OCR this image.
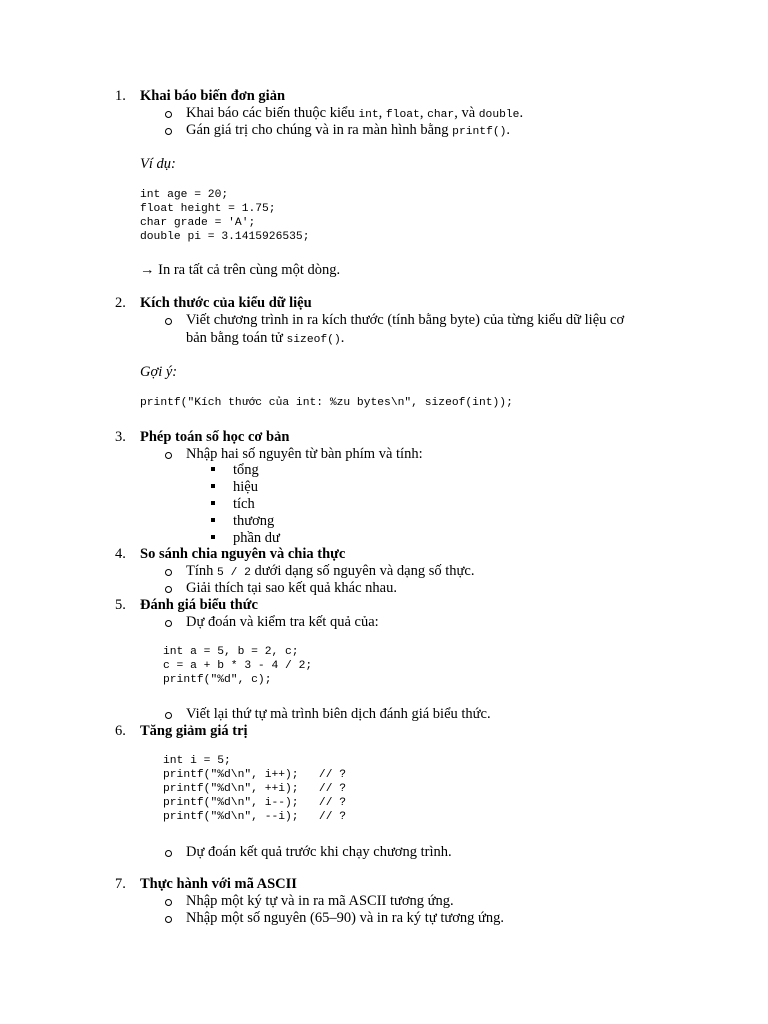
1. Khai báo biến đơn giản
Khai báo các biến thuộc kiểu int, float, char, và double.
Gán giá trị cho chúng và in ra màn hình bằng printf().
Ví dụ:
int age = 20;
float height = 1.75;
char grade = 'A';
double pi = 3.1415926535;
→ In ra tất cả trên cùng một dòng.
2. Kích thước của kiểu dữ liệu
Viết chương trình in ra kích thước (tính bằng byte) của từng kiểu dữ liệu cơ
bản bằng toán tử sizeof().
Gợi ý:
printf("Kích thước của int: %zu bytes\n", sizeof(int));
3. Phép toán số học cơ bản
Nhập hai số nguyên từ bàn phím và tính:
tổng
hiệu
tích
thương
phần dư
4. So sánh chia nguyên và chia thực
Tính 5 / 2 dưới dạng số nguyên và dạng số thực.
Giải thích tại sao kết quả khác nhau.
5. Đánh giá biểu thức
Dự đoán và kiểm tra kết quả của:
int a = 5, b = 2, c;
c = a + b * 3 - 4 / 2;
printf("%d", c);
Viết lại thứ tự mà trình biên dịch đánh giá biểu thức.
6. Tăng giảm giá trị
int i = 5;
printf("%d\n", i++);   // ?
printf("%d\n", ++i);   // ?
printf("%d\n", i--);   // ?
printf("%d\n", --i);   // ?
Dự đoán kết quả trước khi chạy chương trình.
7. Thực hành với mã ASCII
Nhập một ký tự và in ra mã ASCII tương ứng.
Nhập một số nguyên (65–90) và in ra ký tự tương ứng.
